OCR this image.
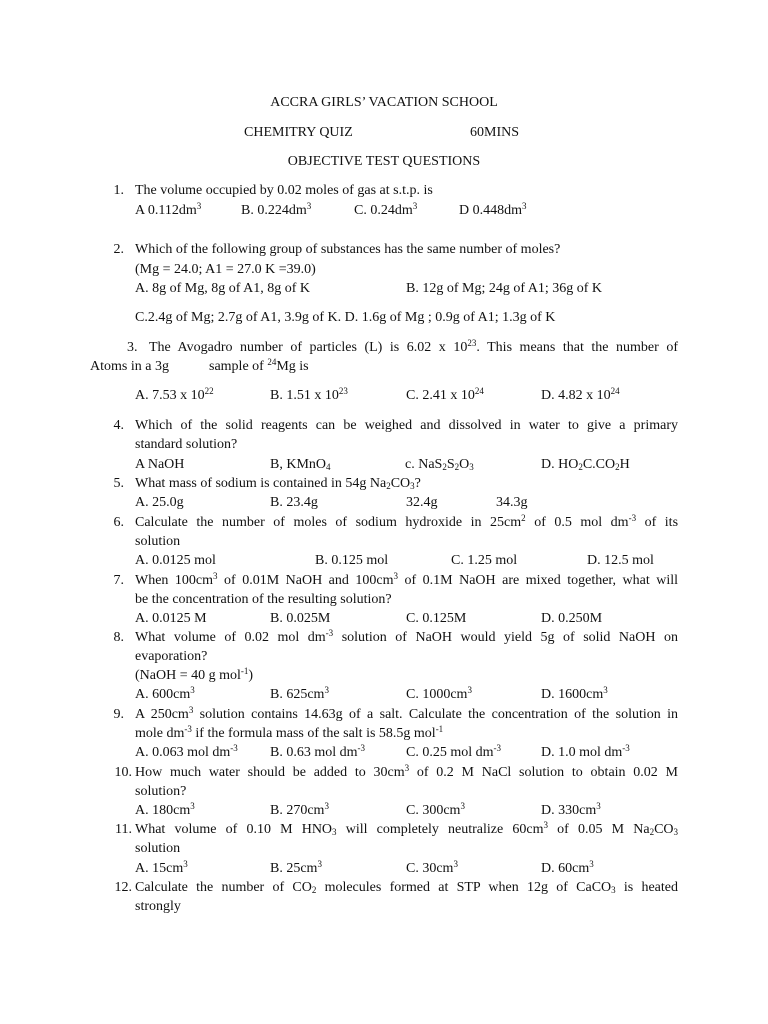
ACCRA GIRLS’ VACATION SCHOOL
CHEMITRY QUIZ	60MINS
OBJECTIVE TEST QUESTIONS
1. The volume occupied by 0.02 moles of gas at s.t.p. is
A $0.112dm^3$	B. $0.224dm^3$	C. $0.24dm^3$	D $0.448dm^3$
2. Which of the following group of substances has the same number of moles?
(Mg = 24.0; A1 = 27.0 K =39.0)
A. 8g of Mg, 8g of A1, 8g of K	B. 12g of Mg; 24g of A1; 36g of K
C.2.4g of Mg; 2.7g of A1, 3.9g of K. D. 1.6g of Mg ; 0.9g of A1; 1.3g of K
3. The Avogadro number of particles (L) is 6.02 x $10^{23}$. This means that the number of
Atoms in a 3g	sample of $^{24}$Mg is
A. 7.53 x $10^{22}$	B. 1.51 x $10^{23}$	C. 2.41 x $10^{24}$	D. 4.82 x $10^{24}$
4. Which of the solid reagents can be weighed and dissolved in water to give a primary
standard solution?
A NaOH	B, KMnO$_4$	c. $NaS_2S_2O_3$	D. $HO_2C.CO_2H$
5. What mass of sodium is contained in 54g $Na_2CO_3$?
A. 25.0g	B. 23.4g	32.4g	34.3g
6. Calculate the number of moles of sodium hydroxide in $25cm^2$ of 0.5 mol $dm^{-3}$ of its
solution
A. 0.0125 mol	B. 0.125 mol	C. 1.25 mol	D. 12.5 mol
7. When $100cm^3$ of 0.01M NaOH and $100cm^3$ of 0.1M NaOH are mixed together, what will
be the concentration of the resulting solution?
A. 0.0125 M	B. 0.025M	C. 0.125M	D. 0.250M
8. What volume of 0.02 mol $dm^{-3}$ solution of NaOH would yield 5g of solid NaOH on
evaporation?
(NaOH = 40 g mol$^{-1}$)
A. $600cm^3$	B. $625cm^3$	C. $1000cm^3$	D. $1600cm^3$
9. A $250cm^3$ solution contains 14.63g of a salt. Calculate the concentration of the solution in
mole $dm^{-3}$ if the formula mass of the salt is 58.5g mol$^{-1}$
A. 0.063 mol $dm^{-3}$ B. 0.63 mol $dm^{-3}$	C. 0.25 mol $dm^{-3}$	D. 1.0 mol $dm^{-3}$
10. How much water should be added to $30cm^3$ of 0.2 M NaCl solution to obtain 0.02 M
solution?
A. $180cm^3$	B. $270cm^3$	C. $300cm^3$	D. $330cm^3$
11. What volume of 0.10 M $HNO_3$ will completely neutralize $60cm^3$ of 0.05 M $Na_2CO_3$
solution
A. $15cm^3$	B. $25cm^3$	C. $30cm^3$	D. $60cm^3$
12. Calculate the number of $CO_2$ molecules formed at STP when 12g of CaCO$_3$ is heated
strongly
